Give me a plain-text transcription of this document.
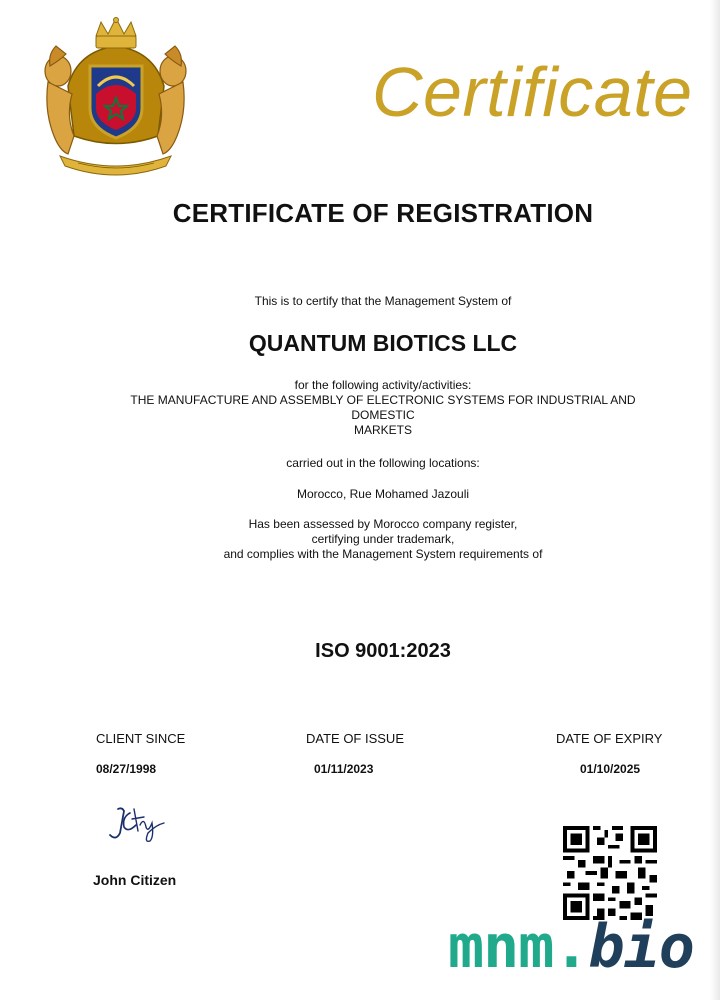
Certificate
CERTIFICATE OF REGISTRATION
This is to certify that the Management System of
QUANTUM BIOTICS LLC
for the following activity/activities:
THE MANUFACTURE AND ASSEMBLY OF ELECTRONIC SYSTEMS FOR INDUSTRIAL AND
DOMESTIC
MARKETS
carried out in the following locations:
Morocco, Rue Mohamed Jazouli
Has been assessed by Morocco company register,
certifying under trademark,
and complies with the Management System requirements of
ISO 9001:2023
CLIENT SINCE	DATE OF ISSUE	DATE OF EXPIRY
08/27/1998	01/11/2023	01/10/2025
John Citizen
mnm.bio
